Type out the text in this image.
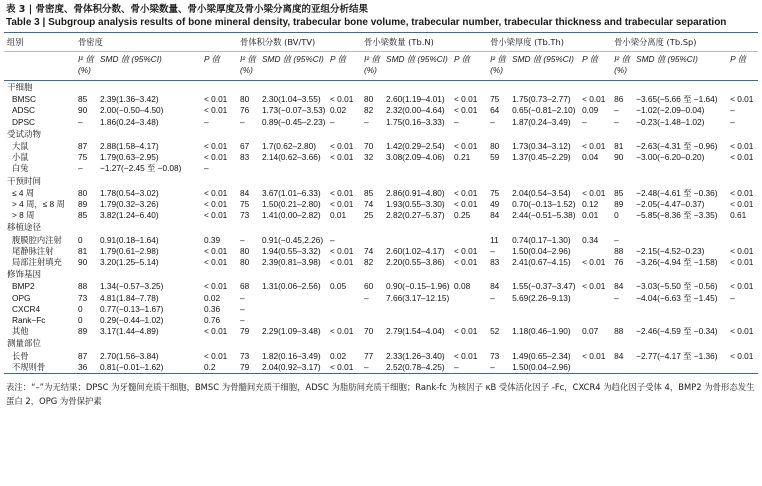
表 3 | 骨密度、骨体积分数、骨小梁数量、骨小梁厚度及骨小梁分离度的亚组分析结果
Table 3 | Subgroup analysis results of bone mineral density, trabecular bone volume, trabecular number, trabecular thickness and trabecular separation
组别	骨密度			骨体积分数 (BV/TV)			骨小梁数量 (Tb.N)			骨小梁厚度 (Tb.Th)			骨小梁分离度 (Tb.Sp)		
	I² 值 (%)	SMD 值 (95%CI)	P 值	I² 值 (%)	SMD 值 (95%CI)	P 值	I² 值 (%)	SMD 值 (95%CI)	P 值	I² 值 (%)	SMD 值 (95%CI)	P 值	I² 值 (%)	SMD 值 (95%CI)	P 值
干细胞															
BMSC	85	2.39(1.36–3.42)	< 0.01	80	2.30(1.04–3.55)	< 0.01	80	2.60(1.19–4.01)	< 0.01	75	1.75(0.73–2.77)	< 0.01	86	−3.65(−5.66 至 −1.64)	< 0.01
ADSC	90	2.00(−0.50–4.50)	< 0.01	76	1.73(−0.07–3.53)	0.02	82	2.32(0.00–4.64)	< 0.01	64	0.65(−0.81–2.10)	0.09	–	−1.02(−2.09–0.04)	–
DPSC	–	1.86(0.24–3.48)	–	–	0.89(−0.45–2.23)	–	–	1.75(0.16–3.33)	–	–	1.87(0.24–3.49)	–	–	−0.23(−1.48–1.02)	–
受试动物															
大鼠	87	2.88(1.58–4.17)	< 0.01	67	1.7(0.62–2.80)	< 0.01	70	1.42(0.29–2.54)	< 0.01	80	1.73(0.34–3.12)	< 0.01	81	−2.63(−4.31 至 −0.96)	< 0.01
小鼠	75	1.79(0.63–2.95)	< 0.01	83	2.14(0.62–3.66)	< 0.01	32	3.08(2.09–4.06)	0.21	59	1.37(0.45–2.29)	0.04	90	−3.00(−6.20–0.20)	< 0.01
白兔	–	−1.27(−2.45 至 −0.08)	–												
干预时间															
≤ 4 周	80	1.78(0.54–3.02)	< 0.01	84	3.67(1.01–6.33)	< 0.01	85	2.86(0.91–4.80)	< 0.01	75	2.04(0.54–3.54)	< 0.01	85	−2.48(−4.61 至 −0.36)	< 0.01
> 4 周，≤ 8 周	89	1.79(0.32–3.26)	< 0.01	75	1.50(0.21–2.80)	< 0.01	74	1.93(0.55–3.30)	< 0.01	49	0.70(−0.13–1.52)	0.12	89	−2.05(−4.47–0.37)	< 0.01
> 8 周	85	3.82(1.24–6.40)	< 0.01	73	1.41(0.00–2.82)	0.01	25	2.82(0.27–5.37)	0.25	84	2.44(−0.51–5.38)	0.01	0	−5.85(−8.36 至 −3.35)	0.61
移植途径															
腹膜腔内注射	0	0.91(0.18–1.64)	0.39	–	0.91(−0.45,2.26)	–				11	0.74(0.17–1.30)	0.34	–		
尾静脉注射	81	1.79(0.61–2.98)	< 0.01	80	1.94(0.55–3.32)	< 0.01	74	2.60(1.02–4.17)	< 0.01	–	1.50(0.04–2.96)		88	−2.15(−4.52–0.23)	< 0.01
局部注射填充	90	3.20(1.25–5.14)	< 0.01	80	2.39(0.81–3.98)	< 0.01	82	2.20(0.55–3.86)	< 0.01	83	2.41(0.67–4.15)	< 0.01	76	−3.26(−4.94 至 −1.58)	< 0.01
修饰基因															
BMP2	88	1.34(−0.57–3.25)	< 0.01	68	1.31(0.06–2.56)	0.05	60	0.90(−0.15–1.96)	0.08	84	1.55(−0.37–3.47)	< 0.01	84	−3.03(−5.50 至 −0.56)	< 0.01
OPG	73	4.81(1.84–7.78)	0.02	–			–	7.66(3.17–12.15)		–	5.69(2.26–9.13)		–	−4.04(−6.63 至 −1.45)	–
CXCR4	0	0.77(−0.13–1.67)	0.36	–											
Rank−Fc	0	0.29(−0.44–1.02)	0.76	–											
其他	89	3.17(1.44–4.89)	< 0.01	79	2.29(1.09–3.48)	< 0.01	70	2.79(1.54–4.04)	< 0.01	52	1.18(0.46–1.90)	0.07	88	−2.46(−4.59 至 −0.34)	< 0.01
测量部位															
长骨	87	2.70(1.56–3.84)	< 0.01	73	1.82(0.16–3.49)	0.02	77	2.33(1.26–3.40)	< 0.01	73	1.49(0.65–2.34)	< 0.01	84	−2.77(−4.17 至 −1.36)	< 0.01
不规则骨	36	0.81(−0.01–1.62)	0.2	79	2.04(0.92–3.17)	< 0.01	–	2.52(0.78–4.25)	–	–	1.50(0.04–2.96)				
表注：“–”为无结果；DPSC 为牙髓间充质干细胞，BMSC 为骨髓间充质干细胞，ADSC 为脂肪间充质干细胞；Rank-fc 为核因子 κB 受体活化因子 -Fc，CXCR4 为趋化因子受体 4，BMP2 为骨形态发生蛋白 2，OPG 为骨保护素
